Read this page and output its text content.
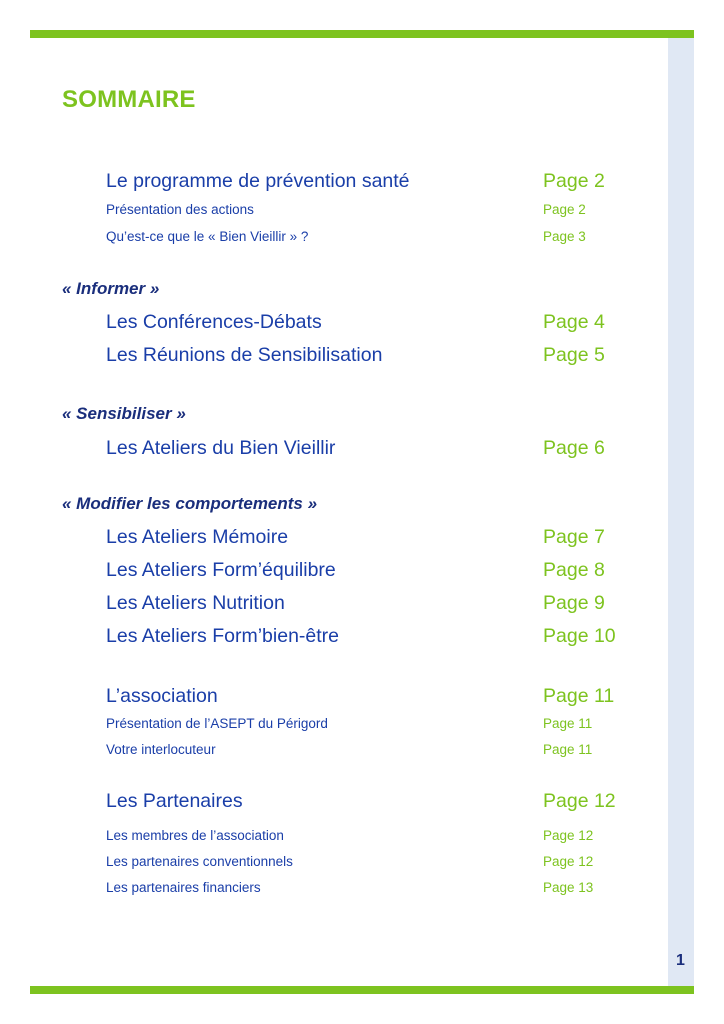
SOMMAIRE
Le programme de prévention santé	Page 2
Présentation des actions	Page 2
Qu’est-ce que le « Bien Vieillir » ?	Page 3
« Informer »
Les Conférences-Débats	Page 4
Les Réunions de Sensibilisation	Page 5
« Sensibiliser »
Les Ateliers du Bien Vieillir	Page 6
« Modifier les comportements »
Les Ateliers Mémoire	Page 7
Les Ateliers Form’équilibre	Page 8
Les Ateliers Nutrition	Page 9
Les Ateliers Form’bien-être	Page 10
L’association	Page 11
Présentation de l’ASEPT du Périgord	Page 11
Votre interlocuteur	Page 11
Les Partenaires	Page 12
Les membres de l’association	Page 12
Les partenaires conventionnels	Page 12
Les partenaires financiers	Page 13
1
